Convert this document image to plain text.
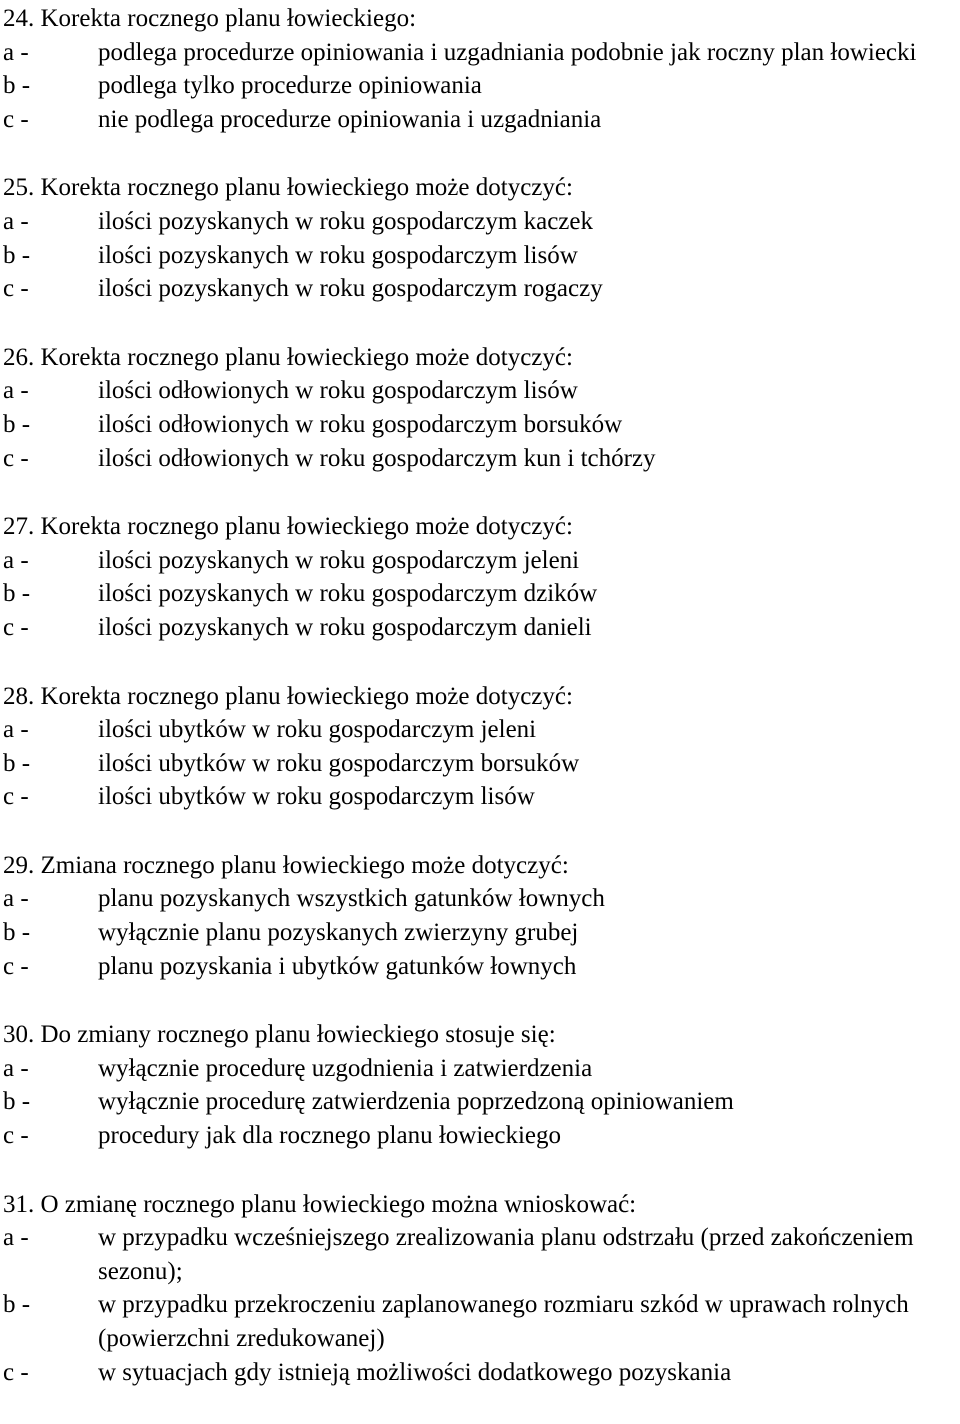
24. Korekta rocznego planu łowieckiego:
a -	podlega procedurze opiniowania i uzgadniania podobnie jak roczny plan łowiecki
b -	podlega tylko procedurze opiniowania
c -	nie podlega procedurze opiniowania i uzgadniania
25. Korekta rocznego planu łowieckiego może dotyczyć:
a -	ilości pozyskanych w roku gospodarczym kaczek
b -	ilości pozyskanych w roku gospodarczym lisów
c -	ilości pozyskanych w roku gospodarczym rogaczy
26. Korekta rocznego planu łowieckiego może dotyczyć:
a -	ilości odłowionych w roku gospodarczym lisów
b -	ilości odłowionych w roku gospodarczym borsuków
c -	ilości odłowionych w roku gospodarczym kun i tchórzy
27. Korekta rocznego planu łowieckiego może dotyczyć:
a -	ilości pozyskanych w roku gospodarczym jeleni
b -	ilości pozyskanych w roku gospodarczym dzików
c -	ilości pozyskanych w roku gospodarczym danieli
28. Korekta rocznego planu łowieckiego może dotyczyć:
a -	ilości ubytków w roku gospodarczym jeleni
b -	ilości ubytków w roku gospodarczym borsuków
c -	ilości ubytków w roku gospodarczym lisów
29. Zmiana rocznego planu łowieckiego może dotyczyć:
a -	planu pozyskanych wszystkich gatunków łownych
b -	wyłącznie planu pozyskanych zwierzyny grubej
c -	planu pozyskania i ubytków gatunków łownych
30. Do zmiany rocznego planu łowieckiego stosuje się:
a -	wyłącznie procedurę uzgodnienia i zatwierdzenia
b -	wyłącznie procedurę zatwierdzenia poprzedzoną opiniowaniem
c -	procedury jak dla rocznego planu łowieckiego
31. O zmianę rocznego planu łowieckiego można wnioskować:
a -	w przypadku wcześniejszego zrealizowania planu odstrzału (przed zakończeniem sezonu);
b -	w przypadku przekroczeniu zaplanowanego rozmiaru szkód w uprawach rolnych (powierzchni zredukowanej)
c -	w sytuacjach gdy istnieją możliwości dodatkowego pozyskania
